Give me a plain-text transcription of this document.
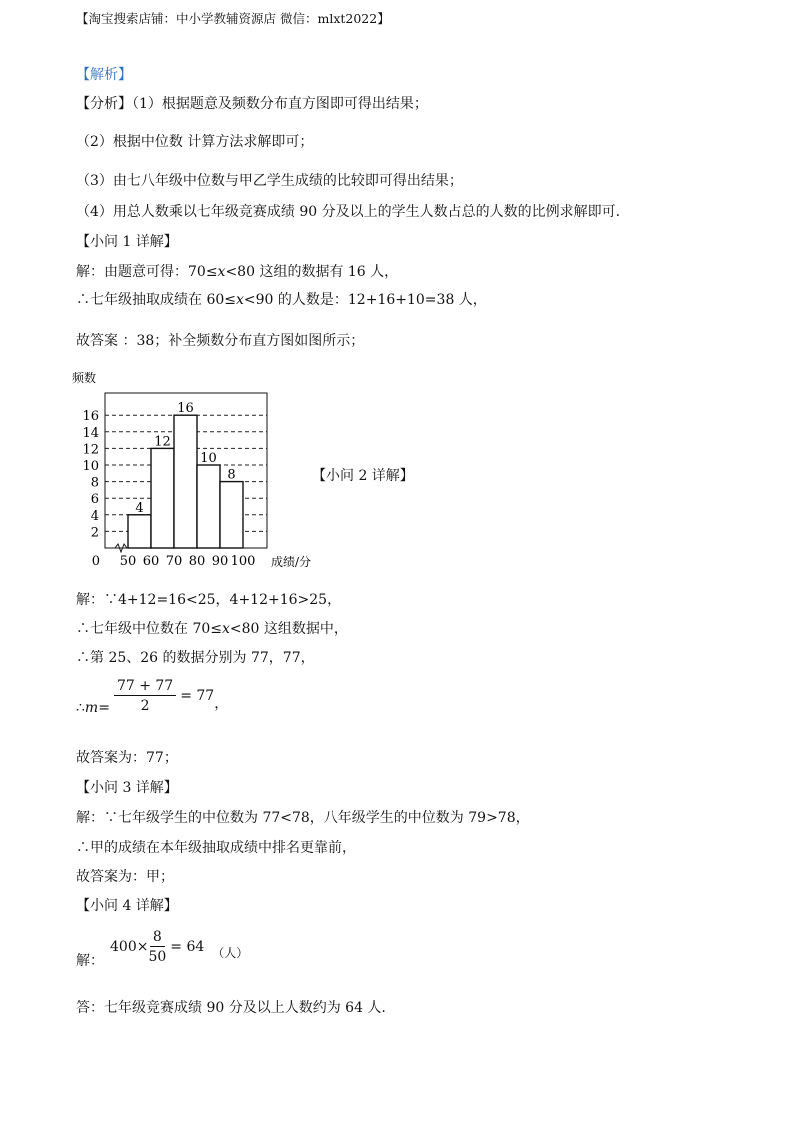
【淘宝搜索店铺：中小学教辅资源店 微信：mlxt2022】
【解析】
【分析】（1）根据题意及频数分布直方图即可得出结果；
（2）根据中位数 计算方法求解即可；
（3）由七八年级中位数与甲乙学生成绩的比较即可得出结果；
（4）用总人数乘以七年级竞赛成绩 90 分及以上的学生人数占总的人数的比例求解即可.
【小问 1 详解】
解：由题意可得：70≤x<80 这组的数据有 16 人，
∴七年级抽取成绩在 60≤x<90 的人数是：12+16+10=38 人，
故答案 ：38；补全频数分布直方图如图所示；
2
4
6
8
10
12
14
16
4
12
16
10
8
50 60 70 80 90 100
0	成绩/分
频数
【小问 2 详解】
解：∵4+12=16<25，4+12+16>25，
∴七年级中位数在 70≤x<80 这组数据中，
∴第 25、26 的数据分别为 77，77，
∴ $m = \frac{77 + 77}{2} = 77$ ，
故答案为：77；
【小问 3 详解】
解：∵七年级学生的中位数为 77<78，八年级学生的中位数为 79>78，
∴甲的成绩在本年级抽取成绩中排名更靠前，
故答案为：甲；
【小问 4 详解】
解：
$400\times \frac{8}{50} = 64$ （人）
答：七年级竞赛成绩 90 分及以上人数约为 64 人.
